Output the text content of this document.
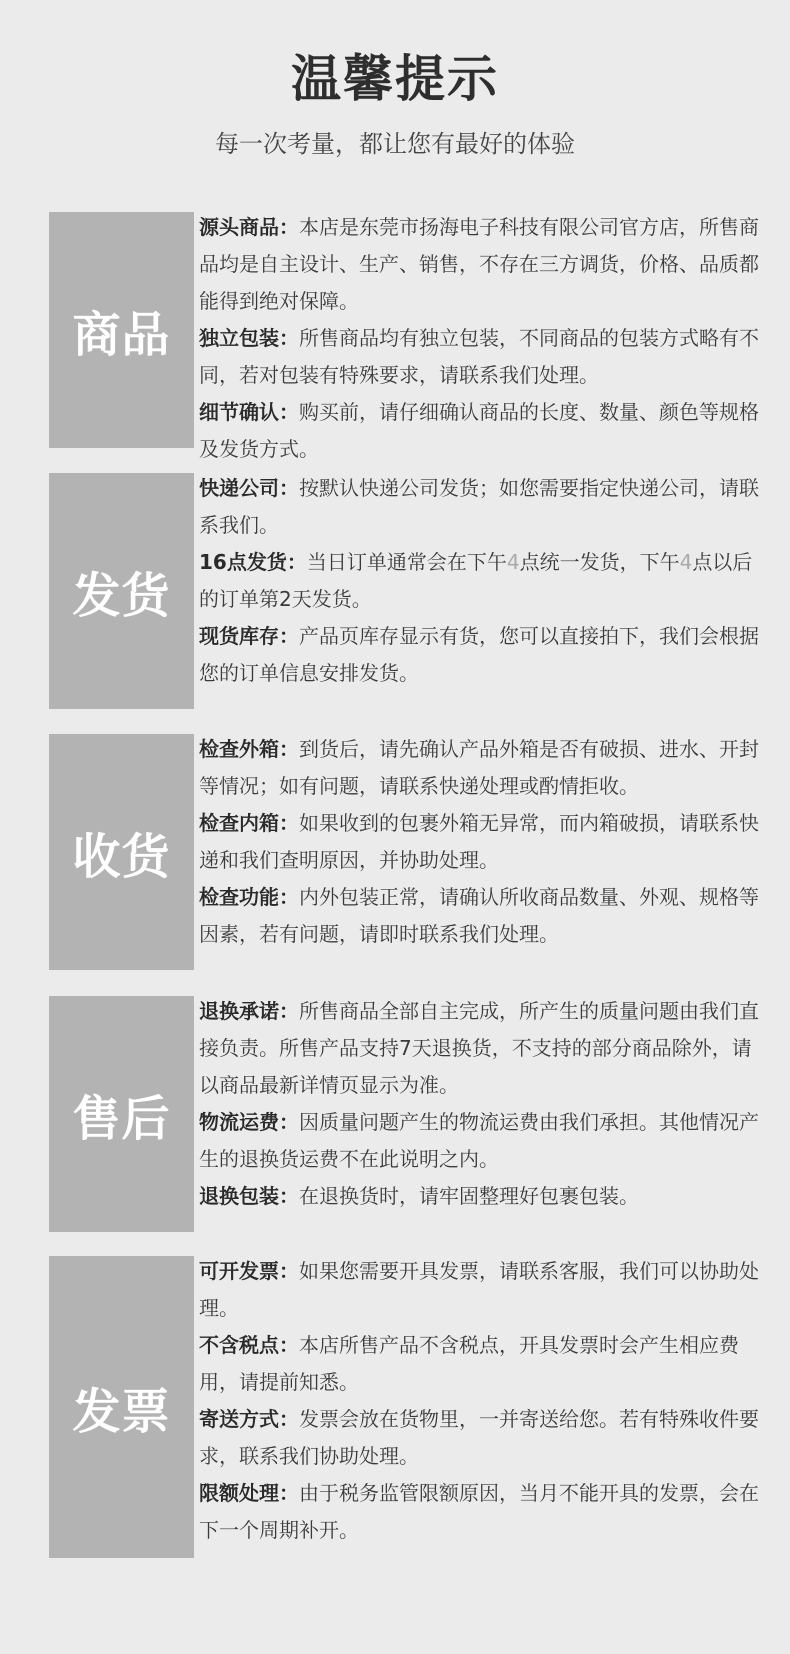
温馨提示
每一次考量，都让您有最好的体验
商品

源头商品：本店是东莞市扬海电子科技有限公司官方店，所售商品均是自主设计、生产、销售，不存在三方调货，价格、品质都能得到绝对保障。

独立包装：所售商品均有独立包装，不同商品的包装方式略有不同，若对包装有特殊要求，请联系我们处理。

细节确认：购买前，请仔细确认商品的长度、数量、颜色等规格及发货方式。

发货

快递公司：按默认快递公司发货；如您需要指定快递公司，请联系我们。

16点发货：当日订单通常会在下午4点统一发货，下午4点以后的订单第2天发货。

现货库存：产品页库存显示有货，您可以直接拍下，我们会根据您的订单信息安排发货。

收货

检查外箱：到货后，请先确认产品外箱是否有破损、进水、开封等情况；如有问题，请联系快递处理或酌情拒收。

检查内箱：如果收到的包裹外箱无异常，而内箱破损，请联系快递和我们查明原因，并协助处理。

检查功能：内外包装正常，请确认所收商品数量、外观、规格等因素，若有问题，请即时联系我们处理。

售后

退换承诺：所售商品全部自主完成，所产生的质量问题由我们直接负责。所售产品支持7天退换货，不支持的部分商品除外，请以商品最新详情页显示为准。

物流运费：因质量问题产生的物流运费由我们承担。其他情况产生的退换货运费不在此说明之内。

退换包装：在退换货时，请牢固整理好包裹包装。

发票

可开发票：如果您需要开具发票，请联系客服，我们可以协助处理。

不含税点：本店所售产品不含税点，开具发票时会产生相应费用，请提前知悉。

寄送方式：发票会放在货物里，一并寄送给您。若有特殊收件要求，联系我们协助处理。

限额处理：由于税务监管限额原因，当月不能开具的发票，会在下一个周期补开。
